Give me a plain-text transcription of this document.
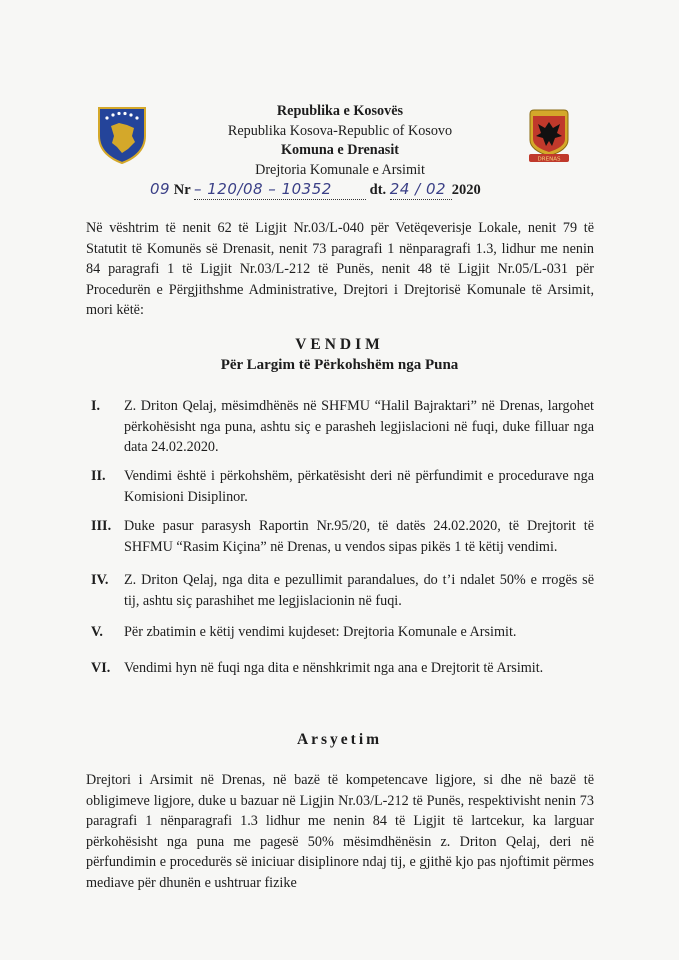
Republika e Kosovës
Republika Kosova-Republic of Kosovo
Komuna e Drenasit
Drejtoria Komunale e Arsimit
DRENAS
09 Nr – 120/08 – 10352	dt. 24 / 02 2020
Në vështrim të nenit 62 të Ligjit Nr.03/L-040 për Vetëqeverisje Lokale, nenit 79 të Statutit të Komunës së Drenasit, nenit 73 paragrafi 1 nënparagrafi 1.3, lidhur me nenin 84 paragrafi 1 të Ligjit Nr.03/L-212 të Punës, nenit 48 të Ligjit Nr.05/L-031 për Procedurën e Përgjithshme Administrative, Drejtori i Drejtorisë Komunale të Arsimit, mori këtë:
VENDIM
Për Largim të Përkohshëm nga Puna
I. Z. Driton Qelaj, mësimdhënës në SHFMU “Halil Bajraktari” në Drenas, largohet përkohësisht nga puna, ashtu siç e parasheh legjislacioni në fuqi, duke filluar nga data 24.02.2020.
II. Vendimi është i përkohshëm, përkatësisht deri në përfundimit e procedurave nga Komisioni Disiplinor.
III. Duke pasur parasysh Raportin Nr.95/20, të datës 24.02.2020, të Drejtorit të SHFMU “Rasim Kiçina” në Drenas, u vendos sipas pikës 1 të këtij vendimi.
IV. Z. Driton Qelaj, nga dita e pezullimit parandalues, do t’i ndalet 50% e rrogës së tij, ashtu siç parashihet me legjislacionin në fuqi.
V. Për zbatimin e këtij vendimi kujdeset: Drejtoria Komunale e Arsimit.
VI. Vendimi hyn në fuqi nga dita e nënshkrimit nga ana e Drejtorit të Arsimit.
Arsyetim
Drejtori i Arsimit në Drenas, në bazë të kompetencave ligjore, si dhe në bazë të obligimeve ligjore, duke u bazuar në Ligjin Nr.03/L-212 të Punës, respektivisht nenin 73 paragrafi 1 nënparagrafi 1.3 lidhur me nenin 84 të Ligjit të lartcekur, ka larguar përkohësisht nga puna me pagesë 50% mësimdhënësin z. Driton Qelaj, deri në përfundimin e procedurës së iniciuar disiplinore ndaj tij, e gjithë kjo pas njoftimit përmes mediave për dhunën e ushtruar fizike
